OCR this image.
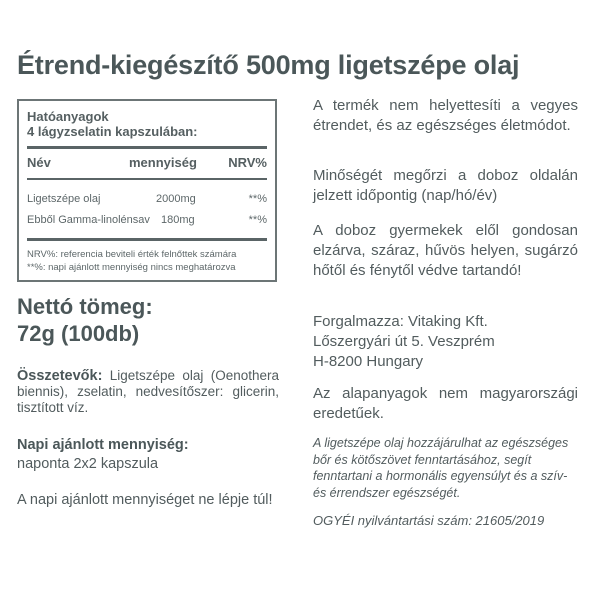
Étrend-kiegészítő 500mg ligetszépe olaj
Hatóanyagok
4 lágyzselatin kapszulában:
Név	mennyiség NRV%
Ligetszépe olaj	2000mg	**%
Ebből Gamma-linolénsav 180mg	**%
NRV%: referencia beviteli érték felnőttek számára
**%: napi ajánlott mennyiség nincs meghatározva
Nettó tömeg:
72g (100db)
Összetevők: Ligetszépe olaj (Oenothera biennis), zselatin, nedvesítőszer: glicerin, tisztított víz.
Napi ajánlott mennyiség:
naponta 2x2 kapszula
A napi ajánlott mennyiséget ne lépje túl!
A termék nem helyettesíti a vegyes étrendet, és az egészséges életmódot.
Minőségét megőrzi a doboz oldalán jelzett időpontig (nap/hó/év)
A doboz gyermekek elől gondosan elzárva, száraz, hűvös helyen, sugárzó hőtől és fénytől védve tartandó!
Forgalmazza: Vitaking Kft.
Lőszergyári út 5. Veszprém
H-8200 Hungary
Az alapanyagok nem magyarországi eredetűek.
A ligetszépe olaj hozzájárulhat az egészséges bőr és kötőszövet fenntartásához, segít fenntartani a hormonális egyensúlyt és a szív-és érrendszer egészségét.
OGYÉI nyilvántartási szám: 21605/2019
